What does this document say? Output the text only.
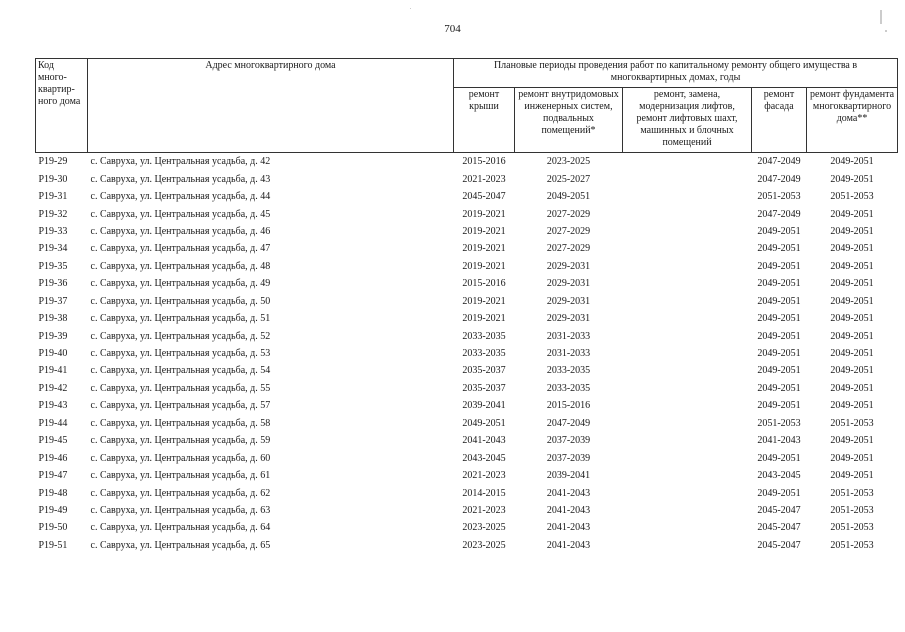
704
Код много-квартир-ного дома	Адрес многоквартирного дома	Плановые периоды проведения работ по капитальному ремонту общего имущества в многоквартирных домах, годы				
		ремонт крыши	ремонт внутридомовых инженерных систем, подвальных помещений*	ремонт, замена, модернизация лифтов, ремонт лифтовых шахт, машинных и блочных помещений	ремонт фасада	ремонт фундамента многоквартирного дома**
Р19-29	с. Савруха, ул. Центральная усадьба, д. 42	2015-2016	2023-2025		2047-2049	2049-2051
Р19-30	с. Савруха, ул. Центральная усадьба, д. 43	2021-2023	2025-2027		2047-2049	2049-2051
Р19-31	с. Савруха, ул. Центральная усадьба, д. 44	2045-2047	2049-2051		2051-2053	2051-2053
Р19-32	с. Савруха, ул. Центральная усадьба, д. 45	2019-2021	2027-2029		2047-2049	2049-2051
Р19-33	с. Савруха, ул. Центральная усадьба, д. 46	2019-2021	2027-2029		2049-2051	2049-2051
Р19-34	с. Савруха, ул. Центральная усадьба, д. 47	2019-2021	2027-2029		2049-2051	2049-2051
Р19-35	с. Савруха, ул. Центральная усадьба, д. 48	2019-2021	2029-2031		2049-2051	2049-2051
Р19-36	с. Савруха, ул. Центральная усадьба, д. 49	2015-2016	2029-2031		2049-2051	2049-2051
Р19-37	с. Савруха, ул. Центральная усадьба, д. 50	2019-2021	2029-2031		2049-2051	2049-2051
Р19-38	с. Савруха, ул. Центральная усадьба, д. 51	2019-2021	2029-2031		2049-2051	2049-2051
Р19-39	с. Савруха, ул. Центральная усадьба, д. 52	2033-2035	2031-2033		2049-2051	2049-2051
Р19-40	с. Савруха, ул. Центральная усадьба, д. 53	2033-2035	2031-2033		2049-2051	2049-2051
Р19-41	с. Савруха, ул. Центральная усадьба, д. 54	2035-2037	2033-2035		2049-2051	2049-2051
Р19-42	с. Савруха, ул. Центральная усадьба, д. 55	2035-2037	2033-2035		2049-2051	2049-2051
Р19-43	с. Савруха, ул. Центральная усадьба, д. 57	2039-2041	2015-2016		2049-2051	2049-2051
Р19-44	с. Савруха, ул. Центральная усадьба, д. 58	2049-2051	2047-2049		2051-2053	2051-2053
Р19-45	с. Савруха, ул. Центральная усадьба, д. 59	2041-2043	2037-2039		2041-2043	2049-2051
Р19-46	с. Савруха, ул. Центральная усадьба, д. 60	2043-2045	2037-2039		2049-2051	2049-2051
Р19-47	с. Савруха, ул. Центральная усадьба, д. 61	2021-2023	2039-2041		2043-2045	2049-2051
Р19-48	с. Савруха, ул. Центральная усадьба, д. 62	2014-2015	2041-2043		2049-2051	2051-2053
Р19-49	с. Савруха, ул. Центральная усадьба, д. 63	2021-2023	2041-2043		2045-2047	2051-2053
Р19-50	с. Савруха, ул. Центральная усадьба, д. 64	2023-2025	2041-2043		2045-2047	2051-2053
Р19-51	с. Савруха, ул. Центральная усадьба, д. 65	2023-2025	2041-2043		2045-2047	2051-2053
